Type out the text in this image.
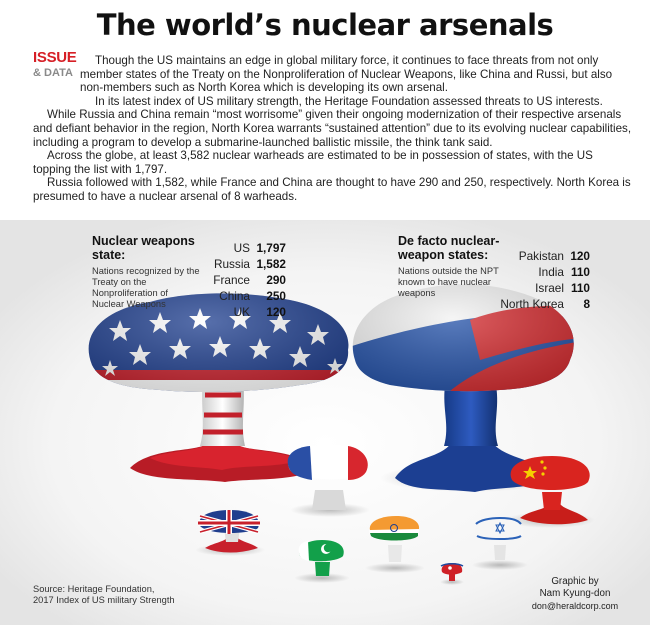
The world’s nuclear arsenals
ISSUE
& DATA

Though the US maintains an edge in global military force, it continues to face threats from not only member states of the Treaty on the Nonproliferation of Nuclear Weapons, like China and Russi, but also non-members such as North Korea which is developing its own arsenal.

In its latest index of US military strength, the Heritage Foundation assessed threats to US interests.

While Russia and China remain “most worrisome” given their ongoing modernization of their respective arsenals and defiant behavior in the region, North Korea warrants “sustained attention” due to its evolving nuclear capabilities, including a program to develop a submarine-launched ballistic missile, the think tank said.

Across the globe, at least 3,582 nuclear warheads are estimated to be in possession of states, with the US topping the list with 1,797.

Russia followed with 1,582, while France and China are thought to have 290 and 250, respectively. North Korea is presumed to have a nuclear arsenal of 8 warheads.

Nuclear weapons state:
Nations recognized by the Treaty on the Nonproliferation of Nuclear Weapons
US 1,797
Russia 1,582
France	290
China	250
UK	120
De facto nuclear-weapon states:
Nations outside the NPT known to have nuclear weapons
Pakistan 120
India 110
Israel 110
North Korea	8
Source: Heritage Foundation,
2017 Index of US military Strength
Graphic by
Nam Kyung-don
don@heraldcorp.com
